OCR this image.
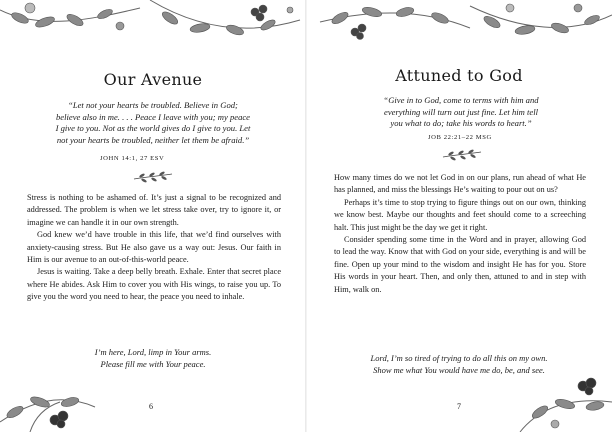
Our Avenue
“Let not your hearts be troubled. Believe in God;
believe also in me. . . . Peace I leave with you; my peace
I give to you. Not as the world gives do I give to you. Let
not your hearts be troubled, neither let them be afraid.”
JOHN 14:1, 27 ESV

Stress is nothing to be ashamed of. It’s just a signal to be recognized and addressed. The problem is when we let stress take over, try to ignore it, or imagine we can handle it in our own strength.

God knew we’d have trouble in this life, that we’d find ourselves with anxiety-causing stress. But He also gave us a way out: Jesus. Our faith in Him is our avenue to an out-of-this-world peace.

Jesus is waiting. Take a deep belly breath. Exhale. Enter that secret place where He abides. Ask Him to cover you with His wings, to raise you up. To give you the word you need to hear, the peace you need to inhale.

I’m here, Lord, limp in Your arms.
Please fill me with Your peace.
6
Attuned to God
“Give in to God, come to terms with him and
everything will turn out just fine. Let him tell
you what to do; take his words to heart.”
JOB 22:21–22 MSG

How many times do we not let God in on our plans, run ahead of what He has planned, and miss the blessings He’s waiting to pour out on us?

Perhaps it’s time to stop trying to figure things out on our own, thinking we know best. Maybe our thoughts and feet should come to a screeching halt. This just might be the day we get it right.

Consider spending some time in the Word and in prayer, allowing God to lead the way. Know that with God on your side, everything is and will be fine. Open up your mind to the wisdom and insight He has for you. Store His words in your heart. Then, and only then, attuned to and in step with Him, walk on.

Lord, I’m so tired of trying to do all this on my own.
Show me what You would have me do, be, and see.
7
